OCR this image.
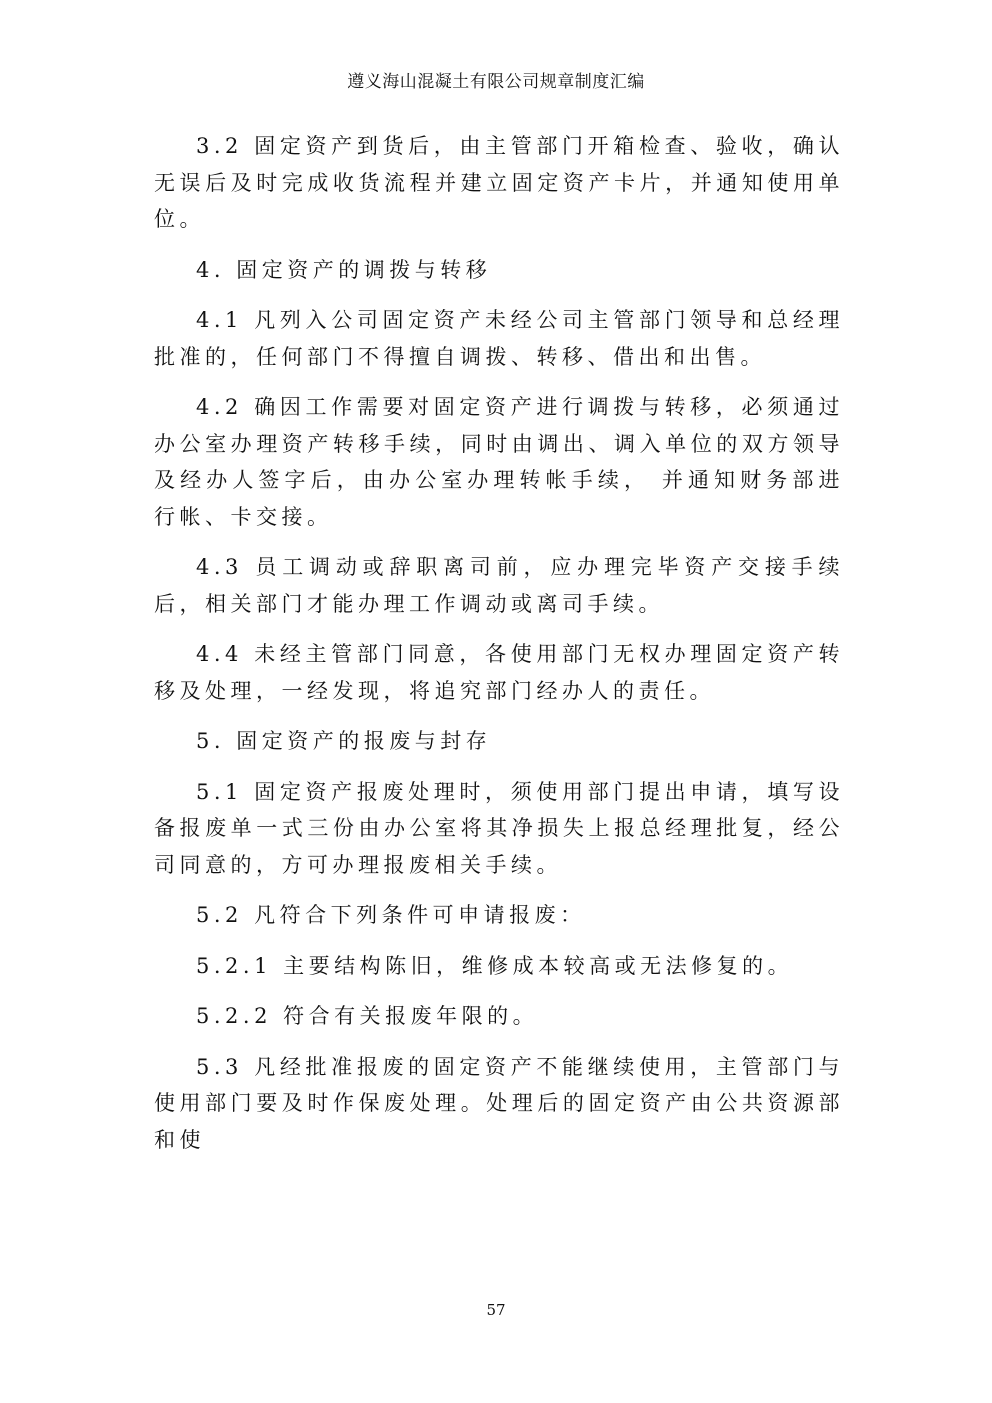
遵义海山混凝土有限公司规章制度汇编

3.2 固定资产到货后，由主管部门开箱检查、验收，确认无误后及时完成收货流程并建立固定资产卡片，并通知使用单位。

4. 固定资产的调拨与转移

4.1 凡列入公司固定资产未经公司主管部门领导和总经理批准的，任何部门不得擅自调拨、转移、借出和出售。

4.2 确因工作需要对固定资产进行调拨与转移，必须通过办公室办理资产转移手续，同时由调出、调入单位的双方领导及经办人签字后，由办公室办理转帐手续， 并通知财务部进行帐、卡交接。

4.3 员工调动或辞职离司前，应办理完毕资产交接手续后，相关部门才能办理工作调动或离司手续。

4.4 未经主管部门同意，各使用部门无权办理固定资产转移及处理，一经发现，将追究部门经办人的责任。

5. 固定资产的报废与封存

5.1 固定资产报废处理时，须使用部门提出申请，填写设备报废单一式三份由办公室将其净损失上报总经理批复，经公司同意的，方可办理报废相关手续。

5.2 凡符合下列条件可申请报废：

5.2.1 主要结构陈旧，维修成本较高或无法修复的。

5.2.2 符合有关报废年限的。

5.3 凡经批准报废的固定资产不能继续使用，主管部门与使用部门要及时作保废处理。处理后的固定资产由公共资源部和使

57
